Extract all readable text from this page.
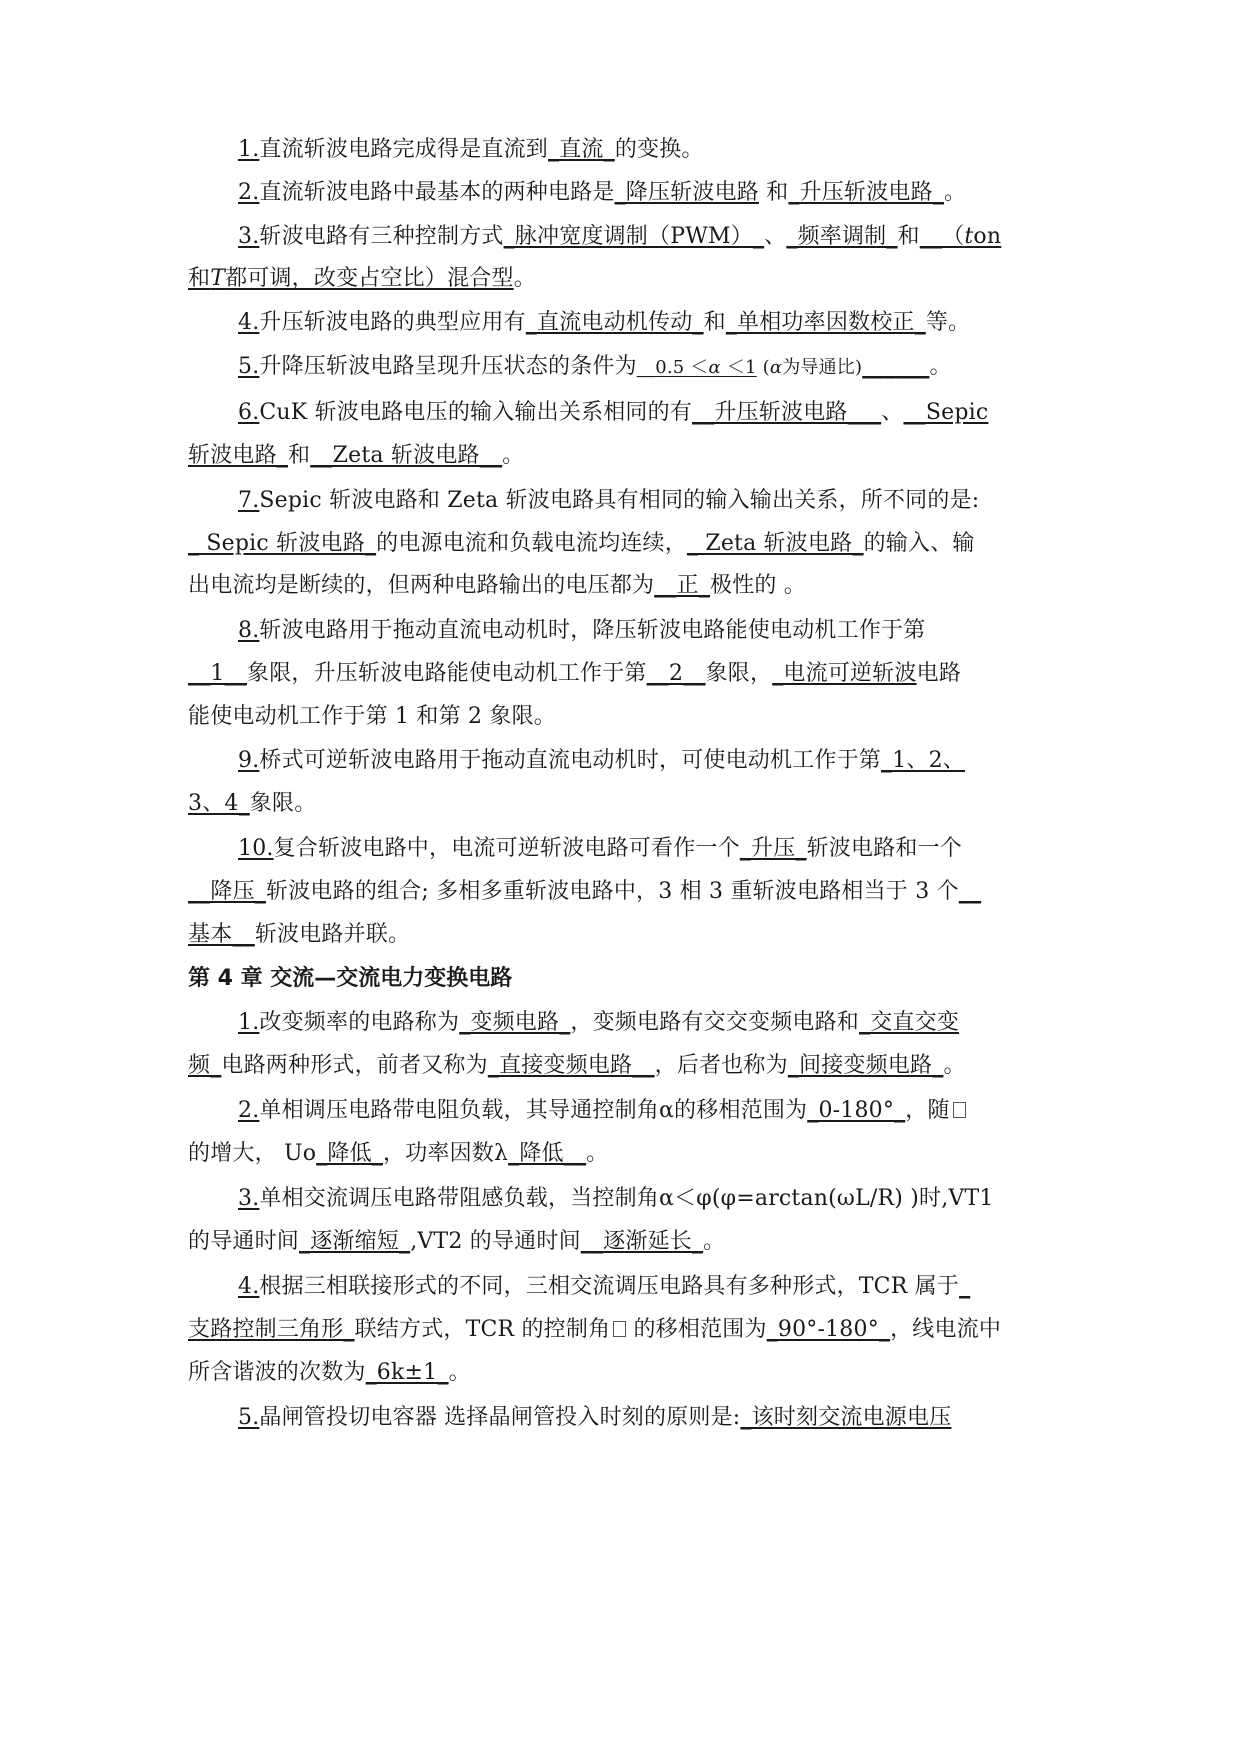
1.直流斩波电路完成得是直流到_直流_的变换。
2.直流斩波电路中最基本的两种电路是_降压斩波电路 和_升压斩波电路_。
3.斩波电路有三种控制方式_脉冲宽度调制（PWM）_、_频率调制_和__（ton
和T都可调，改变占空比）混合型。
4.升压斩波电路的典型应用有_直流电动机传动_和_单相功率因数校正_等。
5.升降压斩波电路呈现升压状态的条件为__0.5 ＜α ＜1 (α为导通比)______。
6.CuK 斩波电路电压的输入输出关系相同的有__升压斩波电路___、__Sepic
斩波电路_和__Zeta 斩波电路__。
7.Sepic 斩波电路和 Zeta 斩波电路具有相同的输入输出关系，所不同的是:
_ Sepic 斩波电路_的电源电流和负载电流均连续，_ Zeta 斩波电路_的输入、输
出电流均是断续的，但两种电路输出的电压都为__正_极性的 。
8.斩波电路用于拖动直流电动机时，降压斩波电路能使电动机工作于第
__1__象限，升压斩波电路能使电动机工作于第__2__象限，_电流可逆斩波电路
能使电动机工作于第 1 和第 2 象限。
9.桥式可逆斩波电路用于拖动直流电动机时，可使电动机工作于第_1、2、
3、4_象限。
10.复合斩波电路中，电流可逆斩波电路可看作一个_升压_斩波电路和一个
__降压_斩波电路的组合; 多相多重斩波电路中，3 相 3 重斩波电路相当于 3 个__
基本__斩波电路并联。
第 4 章 交流—交流电力变换电路
1.改变频率的电路称为_变频电路_，变频电路有交交变频电路和_交直交变
频_电路两种形式，前者又称为_直接变频电路__，后者也称为_间接变频电路_。
2.单相调压电路带电阻负载，其导通控制角α的移相范围为_0-180°_，随
的增大， Uo_降低_，功率因数λ_降低__。
3.单相交流调压电路带阻感负载，当控制角α＜φ(φ=arctan(ωL/R) )时,VT1
的导通时间_逐渐缩短_,VT2 的导通时间__逐渐延长_。
4.根据三相联接形式的不同，三相交流调压电路具有多种形式，TCR 属于_
支路控制三角形_联结方式，TCR 的控制角 的移相范围为_90°-180°_，线电流中
所含谐波的次数为_6k±1_。
5.晶闸管投切电容器 选择晶闸管投入时刻的原则是:_该时刻交流电源电压
